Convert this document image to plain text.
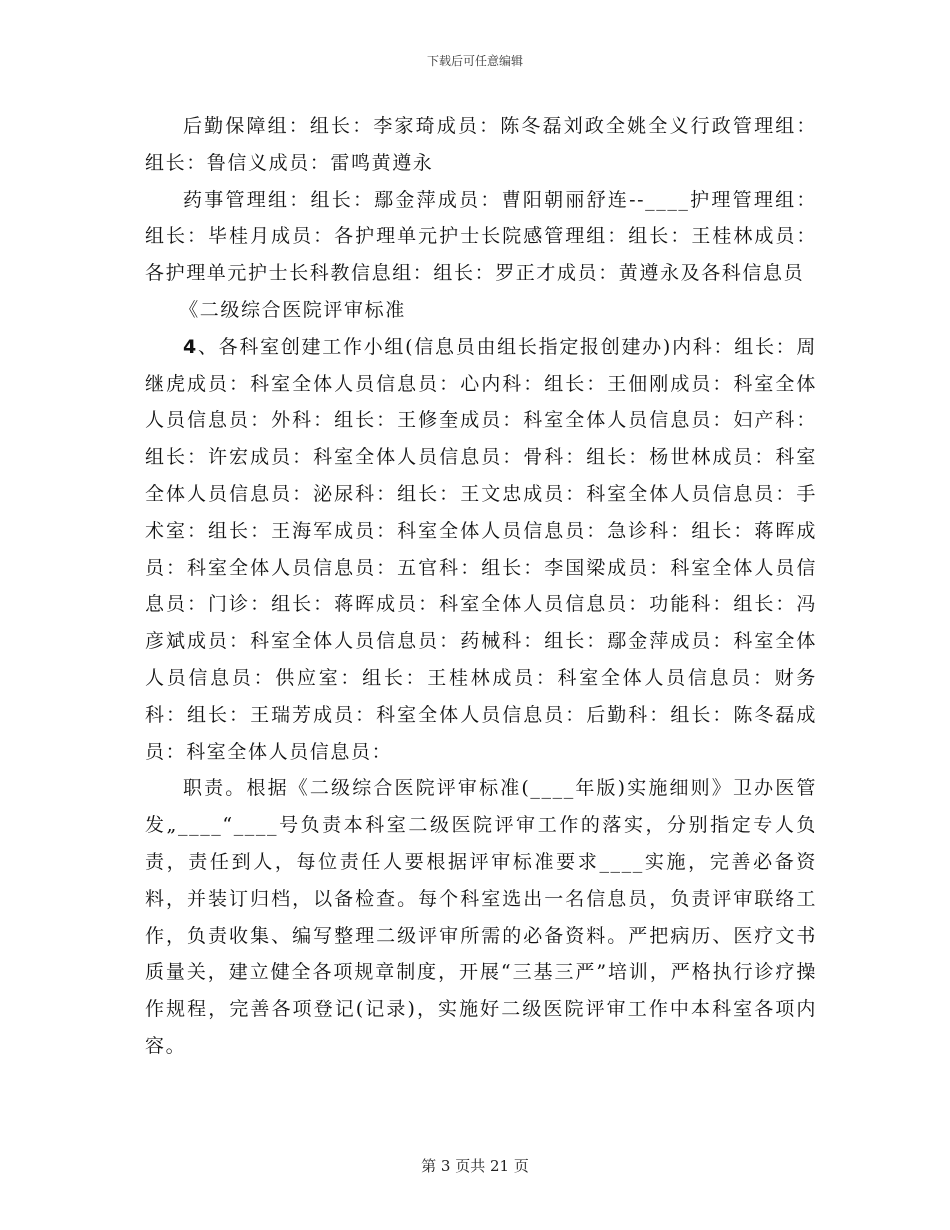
下载后可任意编辑

后勤保障组：组长：李家琦成员：陈冬磊刘政全姚全义行政管理组：组长：鲁信义成员：雷鸣黄遵永

药事管理组：组长：鄢金萍成员：曹阳朝丽舒连--____护理管理组：组长：毕桂月成员：各护理单元护士长院感管理组：组长：王桂林成员：各护理单元护士长科教信息组：组长：罗正才成员：黄遵永及各科信息员

《二级综合医院评审标准

4、各科室创建工作小组(信息员由组长指定报创建办)内科：组长：周继虎成员：科室全体人员信息员：心内科：组长：王佃刚成员：科室全体人员信息员：外科：组长：王修奎成员：科室全体人员信息员：妇产科：组长：许宏成员：科室全体人员信息员：骨科：组长：杨世林成员：科室全体人员信息员：泌尿科：组长：王文忠成员：科室全体人员信息员：手术室：组长：王海军成员：科室全体人员信息员：急诊科：组长：蒋晖成员：科室全体人员信息员：五官科：组长：李国梁成员：科室全体人员信息员：门诊：组长：蒋晖成员：科室全体人员信息员：功能科：组长：冯彦斌成员：科室全体人员信息员：药械科：组长：鄢金萍成员：科室全体人员信息员：供应室：组长：王桂林成员：科室全体人员信息员：财务科：组长：王瑞芳成员：科室全体人员信息员：后勤科：组长：陈冬磊成员：科室全体人员信息员：

职责。根据《二级综合医院评审标准(____年版)实施细则》卫办医管发„____“____号负责本科室二级医院评审工作的落实，分别指定专人负责，责任到人，每位责任人要根据评审标准要求____实施，完善必备资料，并装订归档，以备检查。每个科室选出一名信息员，负责评审联络工作，负责收集、编写整理二级评审所需的必备资料。严把病历、医疗文书质量关，建立健全各项规章制度，开展“三基三严”培训，严格执行诊疗操作规程，完善各项登记(记录)，实施好二级医院评审工作中本科室各项内容。

第 3 页共 21 页
